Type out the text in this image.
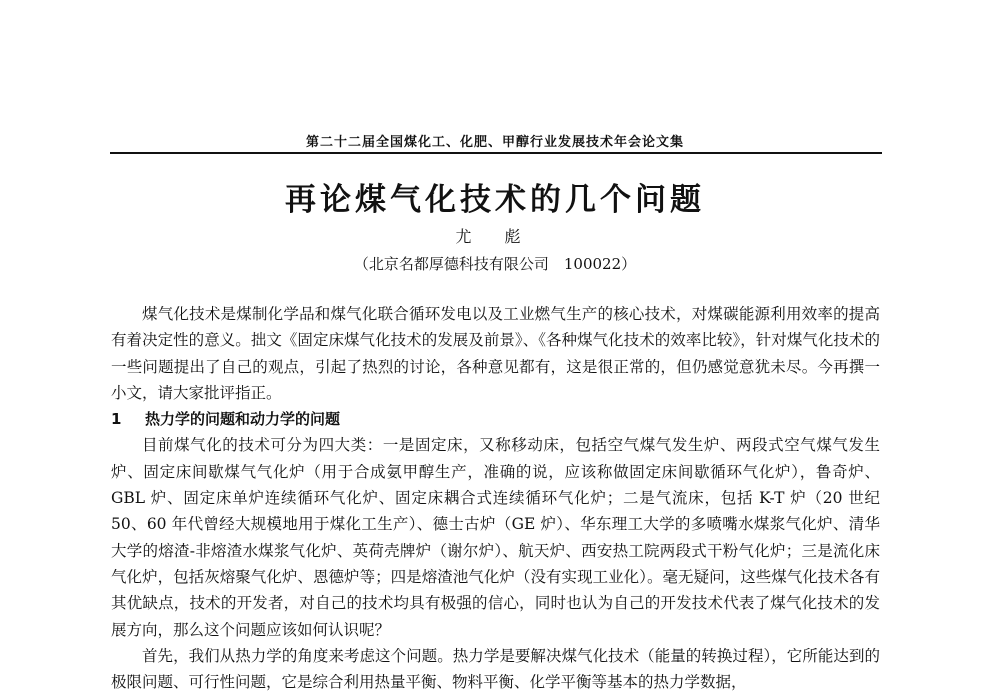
第二十二届全国煤化工、化肥、甲醇行业发展技术年会论文集
再论煤气化技术的几个问题
尤 彪
（北京名都厚德科技有限公司　100022）

煤气化技术是煤制化学品和煤气化联合循环发电以及工业燃气生产的核心技术，对煤碳能源利用效率的提高有着决定性的意义。拙文《固定床煤气化技术的发展及前景》、《各种煤气化技术的效率比较》，针对煤气化技术的一些问题提出了自己的观点，引起了热烈的讨论，各种意见都有，这是很正常的，但仍感觉意犹未尽。今再撰一小文，请大家批评指正。

1 热力学的问题和动力学的问题

目前煤气化的技术可分为四大类：一是固定床，又称移动床，包括空气煤气发生炉、两段式空气煤气发生炉、固定床间歇煤气气化炉（用于合成氨甲醇生产，准确的说，应该称做固定床间歇循环气化炉），鲁奇炉、GBL 炉、固定床单炉连续循环气化炉、固定床耦合式连续循环气化炉；二是气流床，包括 K-T 炉（20 世纪 50、60 年代曾经大规模地用于煤化工生产）、德士古炉（GE 炉）、华东理工大学的多喷嘴水煤浆气化炉、清华大学的熔渣-非熔渣水煤浆气化炉、英荷壳牌炉（谢尔炉）、航天炉、西安热工院两段式干粉气化炉；三是流化床气化炉，包括灰熔聚气化炉、恩德炉等；四是熔渣池气化炉（没有实现工业化）。毫无疑问，这些煤气化技术各有其优缺点，技术的开发者，对自己的技术均具有极强的信心，同时也认为自己的开发技术代表了煤气化技术的发展方向，那么这个问题应该如何认识呢？

首先，我们从热力学的角度来考虑这个问题。热力学是要解决煤气化技术（能量的转换过程），它所能达到的极限问题、可行性问题，它是综合利用热量平衡、物料平衡、化学平衡等基本的热力学数据，
